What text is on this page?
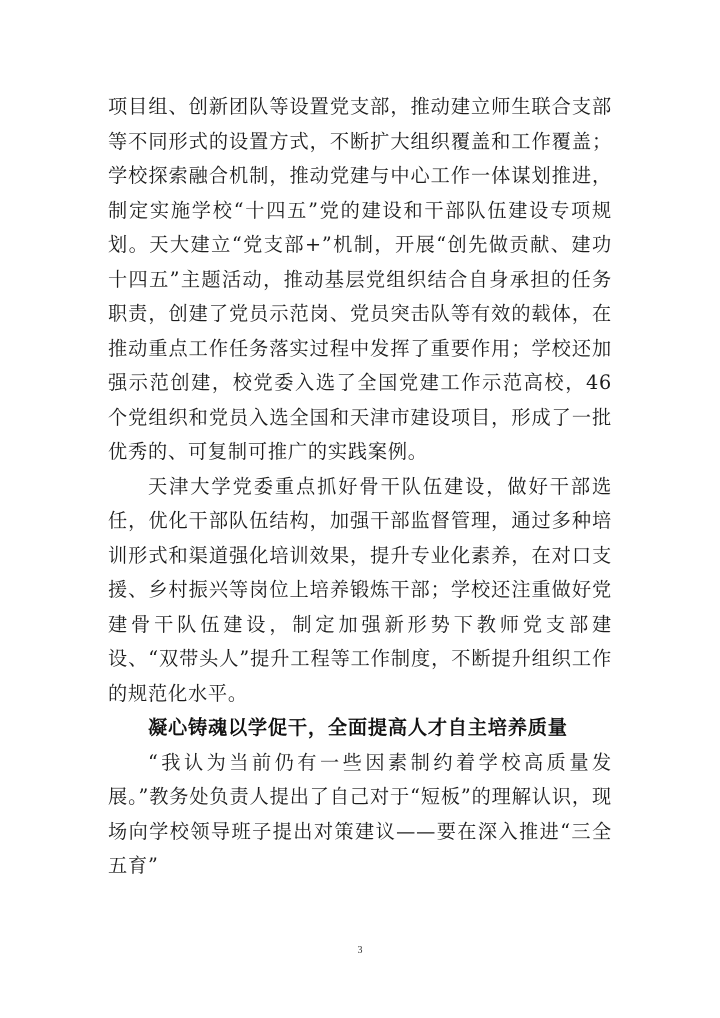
项目组、创新团队等设置党支部，推动建立师生联合支部等不同形式的设置方式，不断扩大组织覆盖和工作覆盖；学校探索融合机制，推动党建与中心工作一体谋划推进，制定实施学校“十四五”党的建设和干部队伍建设专项规划。天大建立“党支部+”机制，开展“创先做贡献、建功十四五”主题活动，推动基层党组织结合自身承担的任务职责，创建了党员示范岗、党员突击队等有效的载体，在推动重点工作任务落实过程中发挥了重要作用；学校还加强示范创建，校党委入选了全国党建工作示范高校，46个党组织和党员入选全国和天津市建设项目，形成了一批优秀的、可复制可推广的实践案例。

天津大学党委重点抓好骨干队伍建设，做好干部选任，优化干部队伍结构，加强干部监督管理，通过多种培训形式和渠道强化培训效果，提升专业化素养，在对口支援、乡村振兴等岗位上培养锻炼干部；学校还注重做好党建骨干队伍建设，制定加强新形势下教师党支部建设、“双带头人”提升工程等工作制度，不断提升组织工作的规范化水平。

凝心铸魂以学促干，全面提高人才自主培养质量

“我认为当前仍有一些因素制约着学校高质量发展。”教务处负责人提出了自己对于“短板”的理解认识，现场向学校领导班子提出对策建议——要在深入推进“三全五育”

3
